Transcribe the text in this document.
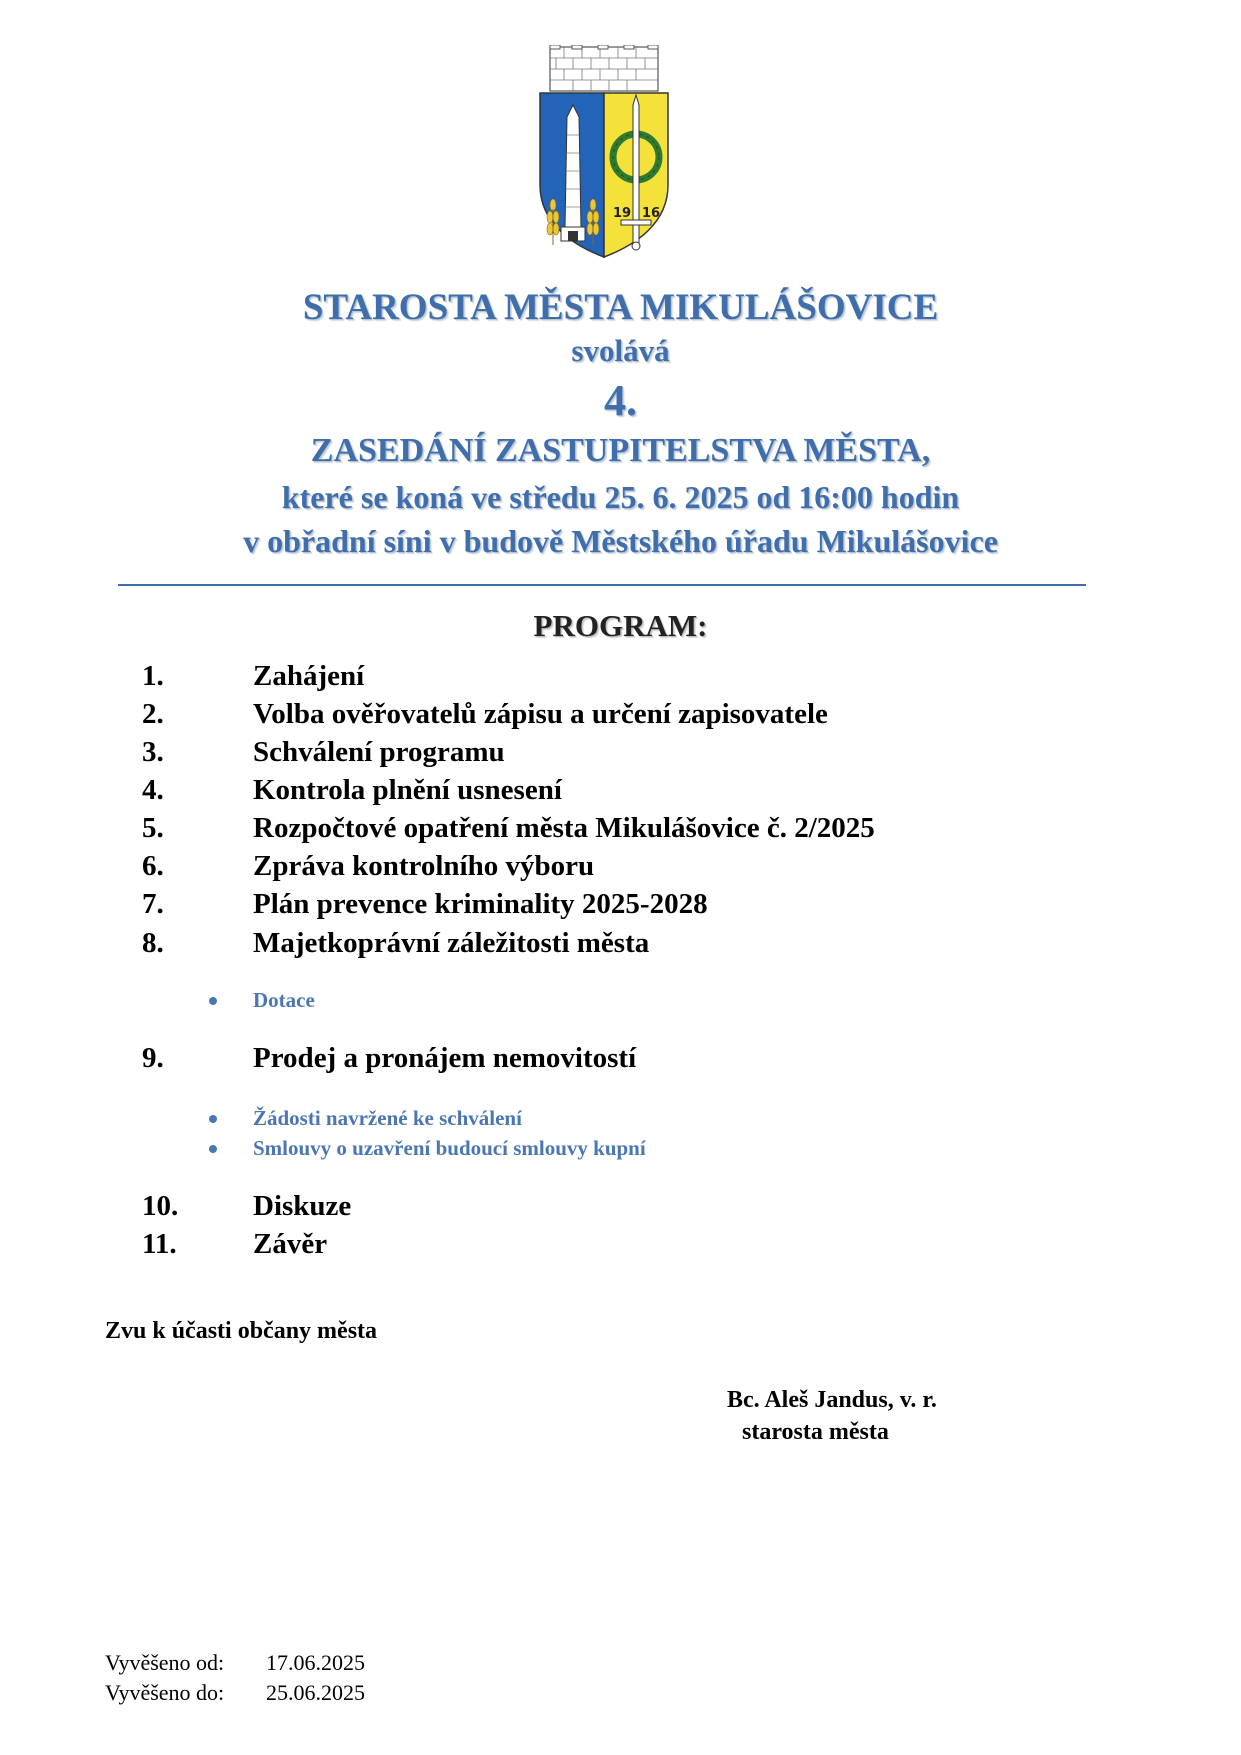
19 16
STAROSTA MĚSTA MIKULÁŠOVICE
svolává
4.
ZASEDÁNÍ ZASTUPITELSTVA MĚSTA,
které se koná ve středu 25. 6. 2025 od 16:00 hodin
v obřadní síni v budově Městského úřadu Mikulášovice
PROGRAM:
1.	Zahájení
2.	Volba ověřovatelů zápisu a určení zapisovatele
3.	Schválení programu
4.	Kontrola plnění usnesení
5.	Rozpočtové opatření města Mikulášovice č. 2/2025
6.	Zpráva kontrolního výboru
7.	Plán prevence kriminality 2025-2028
8.	Majetkoprávní záležitosti města
Dotace
9.	Prodej a pronájem nemovitostí
Žádosti navržené ke schválení
Smlouvy o uzavření budoucí smlouvy kupní
10.	Diskuze
11.	Závěr
Zvu k účasti občany města
Bc. Aleš Jandus, v. r.
starosta města
Vyvěšeno od: 17.06.2025
Vyvěšeno do: 25.06.2025
